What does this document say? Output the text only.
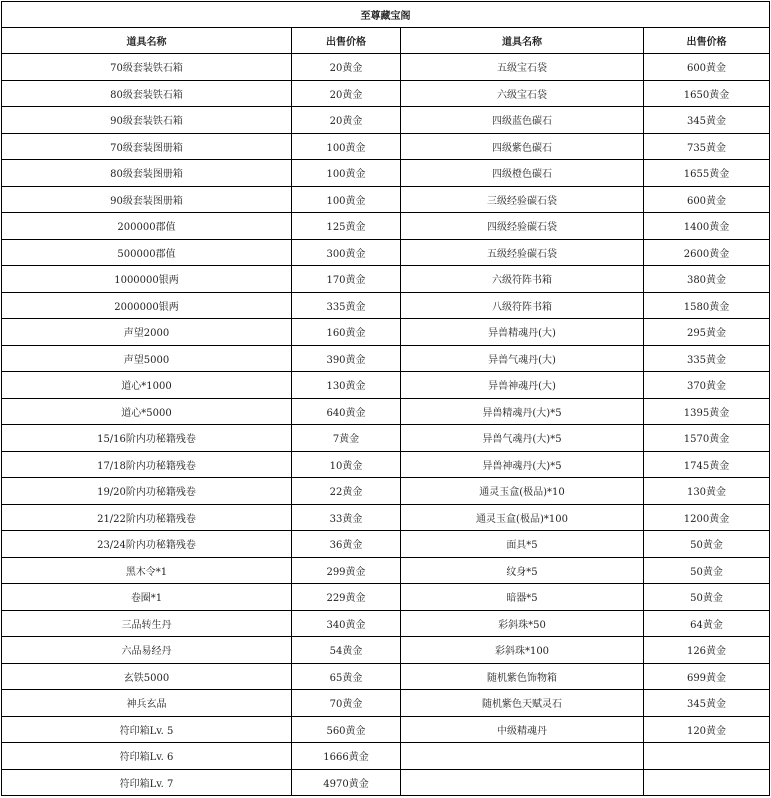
至尊藏宝阁			
道具名称	出售价格	道具名称	出售价格
70级套装铁石箱	20黄金	五级宝石袋	600黄金
80级套装铁石箱	20黄金	六级宝石袋	1650黄金
90级套装铁石箱	20黄金	四级蓝色碳石	345黄金
70级套装图册箱	100黄金	四级紫色碳石	735黄金
80级套装图册箱	100黄金	四级橙色碳石	1655黄金
90级套装图册箱	100黄金	三级经验碳石袋	600黄金
200000郡值	125黄金	四级经验碳石袋	1400黄金
500000郡值	300黄金	五级经验碳石袋	2600黄金
1000000银两	170黄金	六级符阵书箱	380黄金
2000000银两	335黄金	八级符阵书箱	1580黄金
声望2000	160黄金	异兽精魂丹(大)	295黄金
声望5000	390黄金	异兽气魂丹(大)	335黄金
道心*1000	130黄金	异兽神魂丹(大)	370黄金
道心*5000	640黄金	异兽精魂丹(大)*5	1395黄金
15/16阶内功秘籍残卷	7黄金	异兽气魂丹(大)*5	1570黄金
17/18阶内功秘籍残卷	10黄金	异兽神魂丹(大)*5	1745黄金
19/20阶内功秘籍残卷	22黄金	通灵玉盒(极品)*10	130黄金
21/22阶内功秘籍残卷	33黄金	通灵玉盒(极品)*100	1200黄金
23/24阶内功秘籍残卷	36黄金	面具*5	50黄金
黑木令*1	299黄金	纹身*5	50黄金
卷圈*1	229黄金	暗器*5	50黄金
三品转生丹	340黄金	彩斜珠*50	64黄金
六品易经丹	54黄金	彩斜珠*100	126黄金
玄铁5000	65黄金	随机紫色饰物箱	699黄金
神兵玄晶	70黄金	随机紫色天赋灵石	345黄金
符印箱Lv. 5	560黄金	中级精魂丹	120黄金
符印箱Lv. 6	1666黄金		
符印箱Lv. 7	4970黄金		
